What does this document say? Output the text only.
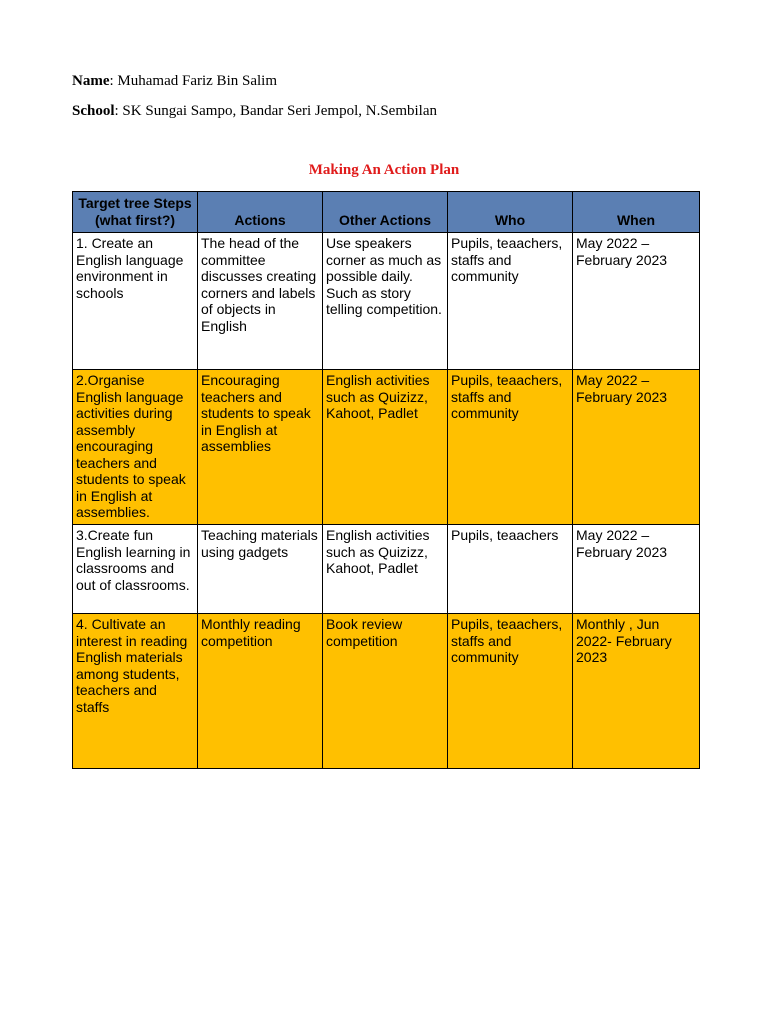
Name: Muhamad Fariz Bin Salim
School: SK Sungai Sampo, Bandar Seri Jempol, N.Sembilan
Making An Action Plan
Target tree Steps (what first?)	Actions	Other Actions	Who	When
1. Create an English language environment in schools	The head of the committee discusses creating corners and labels of objects in English	Use speakers corner as much as possible daily. Such as story telling competition.	Pupils, teaachers, staffs and community	May 2022 – February 2023
2.Organise English language activities during assembly encouraging teachers and students to speak in English at assemblies.	Encouraging teachers and students to speak in English at assemblies	English activities such as Quizizz, Kahoot, Padlet	Pupils, teaachers, staffs and community	May 2022 – February 2023
3.Create fun English learning in classrooms and out of classrooms.	Teaching materials using gadgets	English activities such as Quizizz, Kahoot, Padlet	Pupils, teaachers	May 2022 – February 2023
4. Cultivate an interest in reading English materials among students, teachers and staffs	Monthly reading competition	Book review competition	Pupils, teaachers, staffs and community	Monthly , Jun 2022- February 2023
